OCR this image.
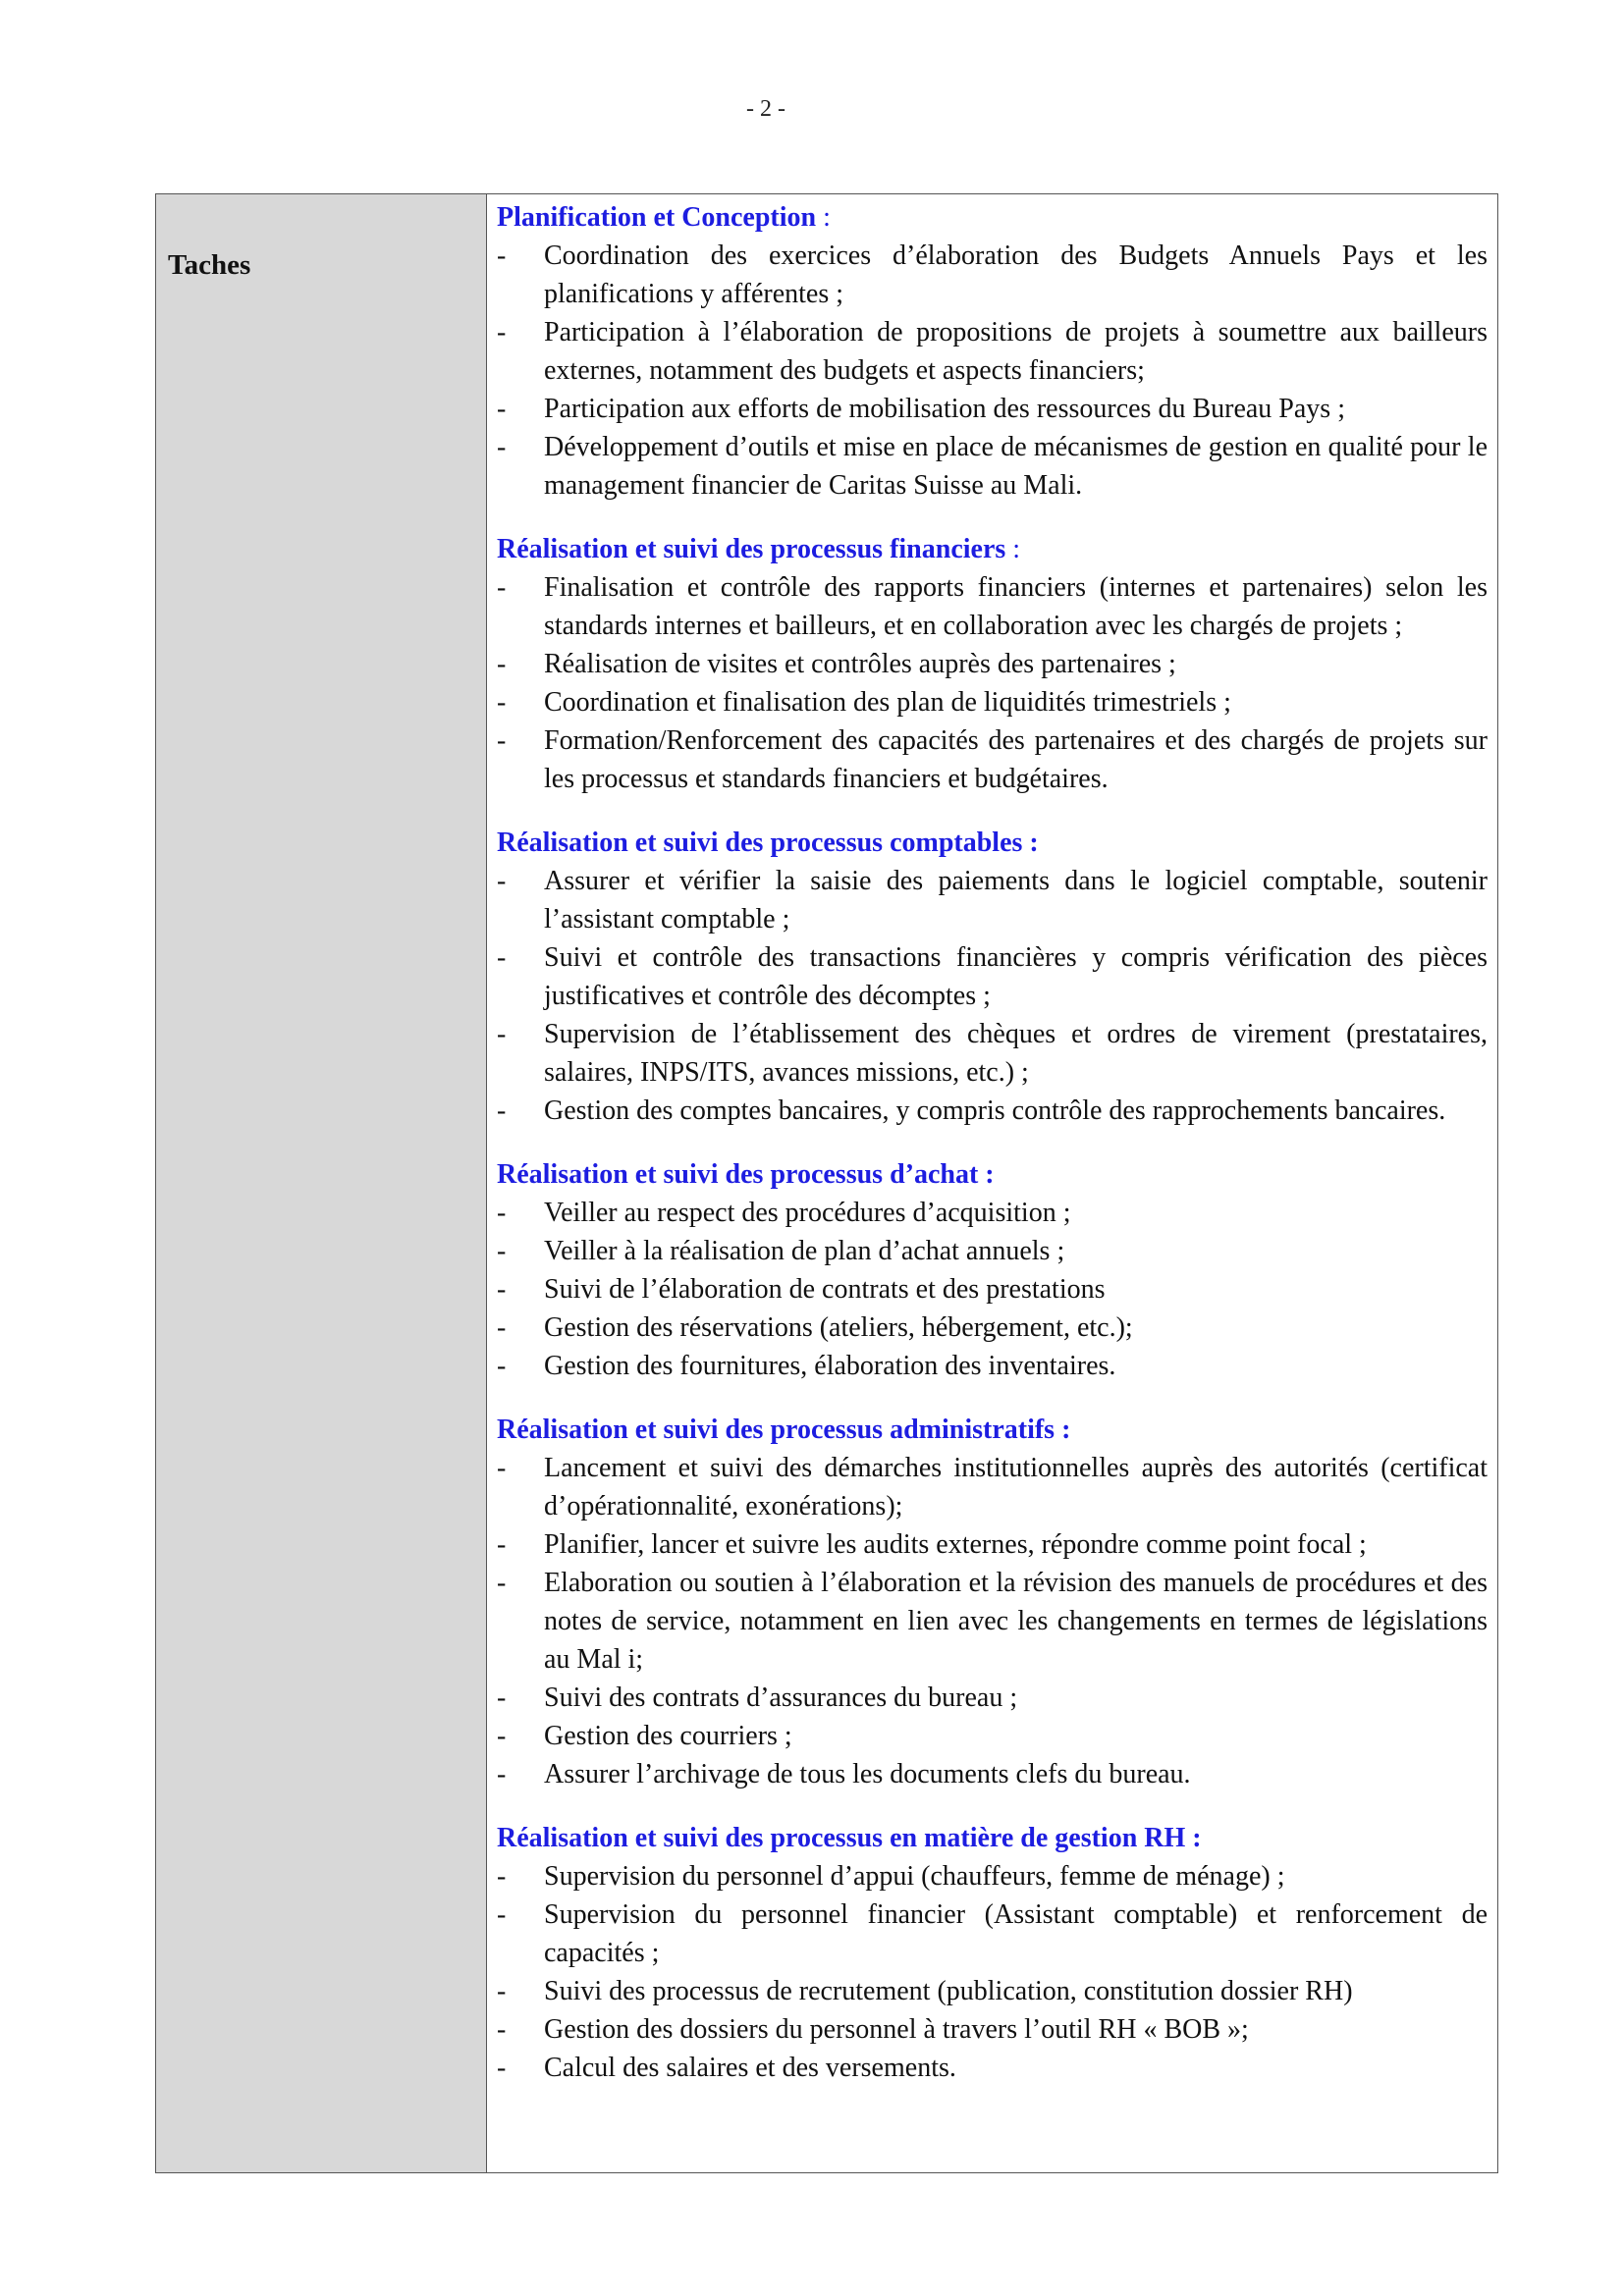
- 2 -
Taches

Planification et Conception :
- Coordination des exercices d’élaboration des Budgets Annuels Pays et les planifications y afférentes ;
- Participation à l’élaboration de propositions de projets à soumettre aux bailleurs externes, notamment des budgets et aspects financiers;
- Participation aux efforts de mobilisation des ressources du Bureau Pays ;
- Développement d’outils et mise en place de mécanismes de gestion en qualité pour le management financier de Caritas Suisse au Mali.
Réalisation et suivi des processus financiers :
- Finalisation et contrôle des rapports financiers (internes et partenaires) selon les standards internes et bailleurs, et en collaboration avec les chargés de projets ;
- Réalisation de visites et contrôles auprès des partenaires ;
- Coordination et finalisation des plan de liquidités trimestriels ;
- Formation/Renforcement des capacités des partenaires et des chargés de projets sur les processus et standards financiers et budgétaires.
Réalisation et suivi des processus comptables :
- Assurer et vérifier la saisie des paiements dans le logiciel comptable, soutenir l’assistant comptable ;
- Suivi et contrôle des transactions financières y compris vérification des pièces justificatives et contrôle des décomptes ;
- Supervision de l’établissement des chèques et ordres de virement (prestataires, salaires, INPS/ITS, avances missions, etc.) ;
- Gestion des comptes bancaires, y compris contrôle des rapprochements bancaires.
Réalisation et suivi des processus d’achat :
- Veiller au respect des procédures d’acquisition ;
- Veiller à la réalisation de plan d’achat annuels ;
- Suivi de l’élaboration de contrats et des prestations
- Gestion des réservations (ateliers, hébergement, etc.);
- Gestion des fournitures, élaboration des inventaires.
Réalisation et suivi des processus administratifs :
- Lancement et suivi des démarches institutionnelles auprès des autorités (certificat d’opérationnalité, exonérations);
- Planifier, lancer et suivre les audits externes, répondre comme point focal ;
- Elaboration ou soutien à l’élaboration et la révision des manuels de procédures et des notes de service, notamment en lien avec les changements en termes de législations au Mal i;
- Suivi des contrats d’assurances du bureau ;
- Gestion des courriers ;
- Assurer l’archivage de tous les documents clefs du bureau.
Réalisation et suivi des processus en matière de gestion RH :
- Supervision du personnel d’appui (chauffeurs, femme de ménage) ;
- Supervision du personnel financier (Assistant comptable) et renforcement de capacités ;
- Suivi des processus de recrutement (publication, constitution dossier RH)
- Gestion des dossiers du personnel à travers l’outil RH « BOB »;
- Calcul des salaires et des versements.
